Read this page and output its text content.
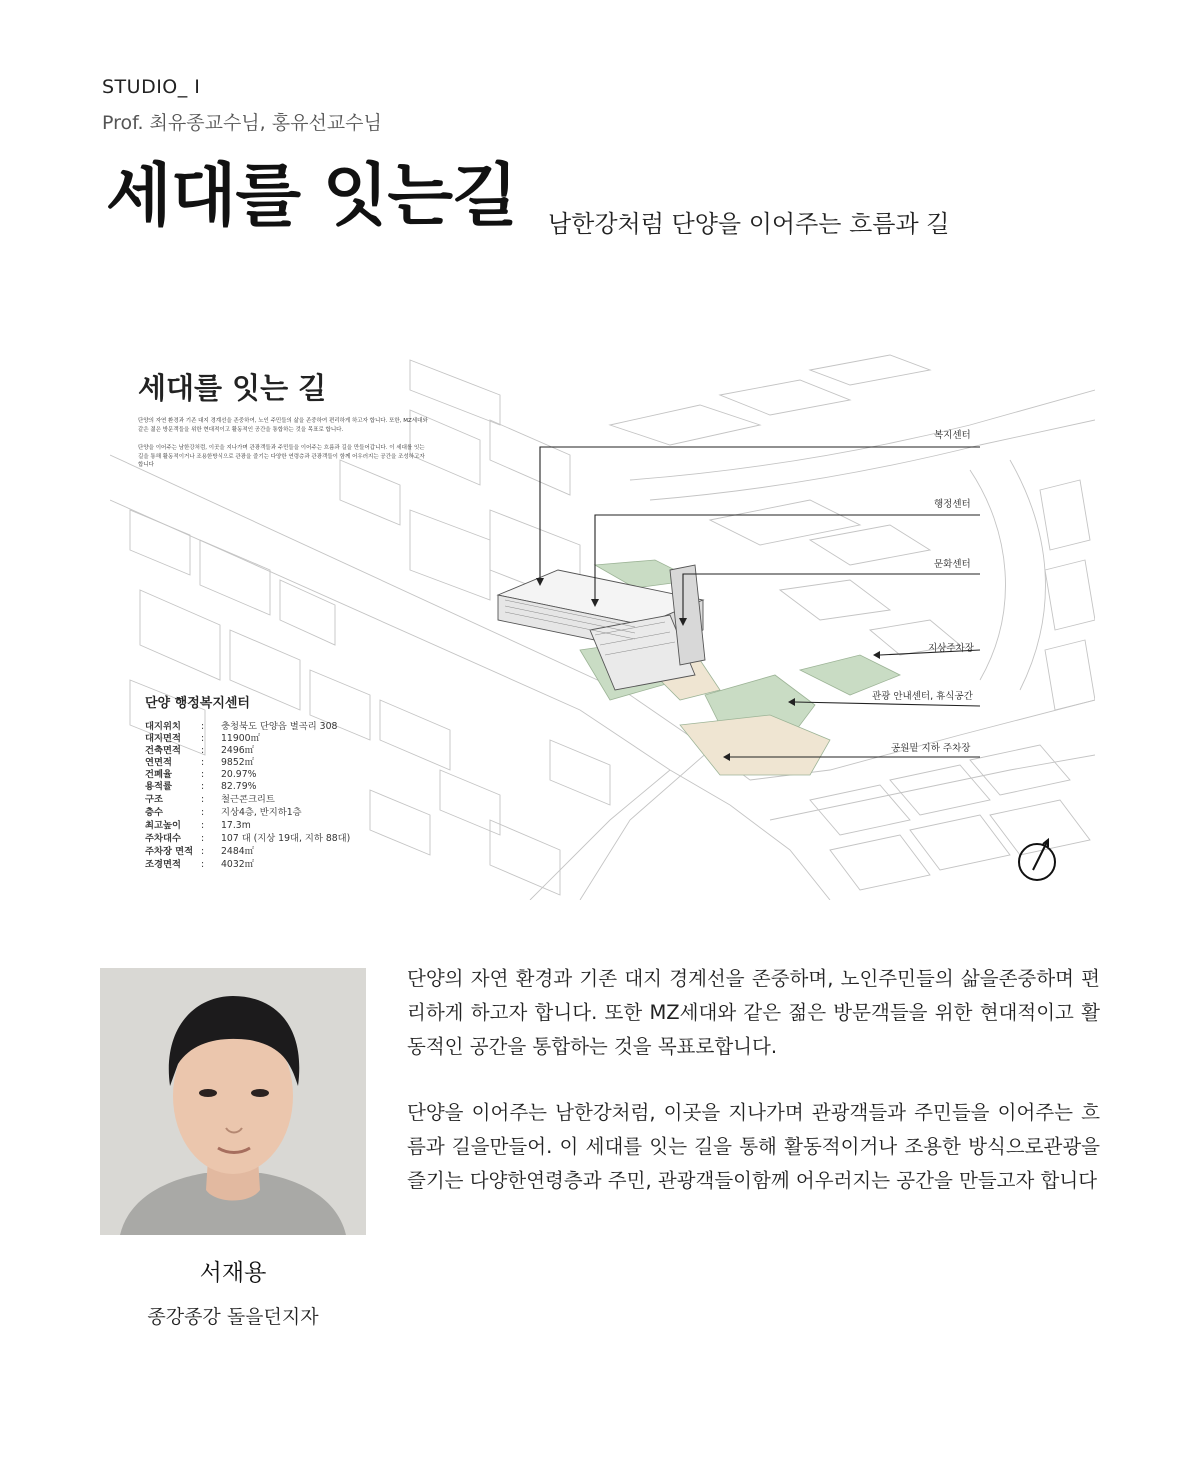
STUDIO_ I
Prof. 최유종교수님, 홍유선교수님
세대를 잇는길 남한강처럼 단양을 이어주는 흐름과 길
세대를 잇는 길
단양의 자연 환경과 기존 대지 경계선을 존중하여, 노인 주민들의 삶을 존중하여 편리하게 하고자 합니다. 또한, MZ세대와 같은 젊은 방문객들을 위한 현대적이고 활동적인 공간을 통합하는 것을 목표로 합니다.
단양을 이어주는 남한강처럼, 이곳을 지나가며 관광객들과 주민들을 이어주는 흐름과 길을 만들어갑니다. 이 세대를 잇는 길을 통해 활동적이거나 조용한방식으로 관광을 즐기는 다양한 연령층과 관광객들이 함께 어우러지는 공간을 조성하고자 합니다
복지센터
행정센터
문화센터
지상주차장
관광 안내센터, 휴식공간
공원밑 지하 주차장
단양 행정복지센터
대지위치 : 충청북도 단양읍 별곡리 308
대지면적 : 11900㎡
건축면적 : 2496㎡
연면적	: 9852㎡
건폐율	: 20.97%
용적률	: 82.79%
구조	: 철근콘크리트
층수	: 지상4층, 반지하1층
최고높이 : 17.3m
주차대수 : 107 대 (지상 19대, 지하 88대)
주차장 면적 : 2484㎡
조경면적 : 4032㎡
서재용
종강종강 돌을던지자
단양의 자연 환경과 기존 대지 경계선을 존중하며, 노인주민들의 삶을존중하며 편리하게 하고자 합니다. 또한 MZ세대와 같은 젊은 방문객들을 위한 현대적이고 활동적인 공간을 통합하는 것을 목표로합니다.
단양을 이어주는 남한강처럼, 이곳을 지나가며 관광객들과 주민들을 이어주는 흐름과 길을만들어. 이 세대를 잇는 길을 통해 활동적이거나 조용한 방식으로관광을 즐기는 다양한연령층과 주민, 관광객들이함께 어우러지는 공간을 만들고자 합니다
